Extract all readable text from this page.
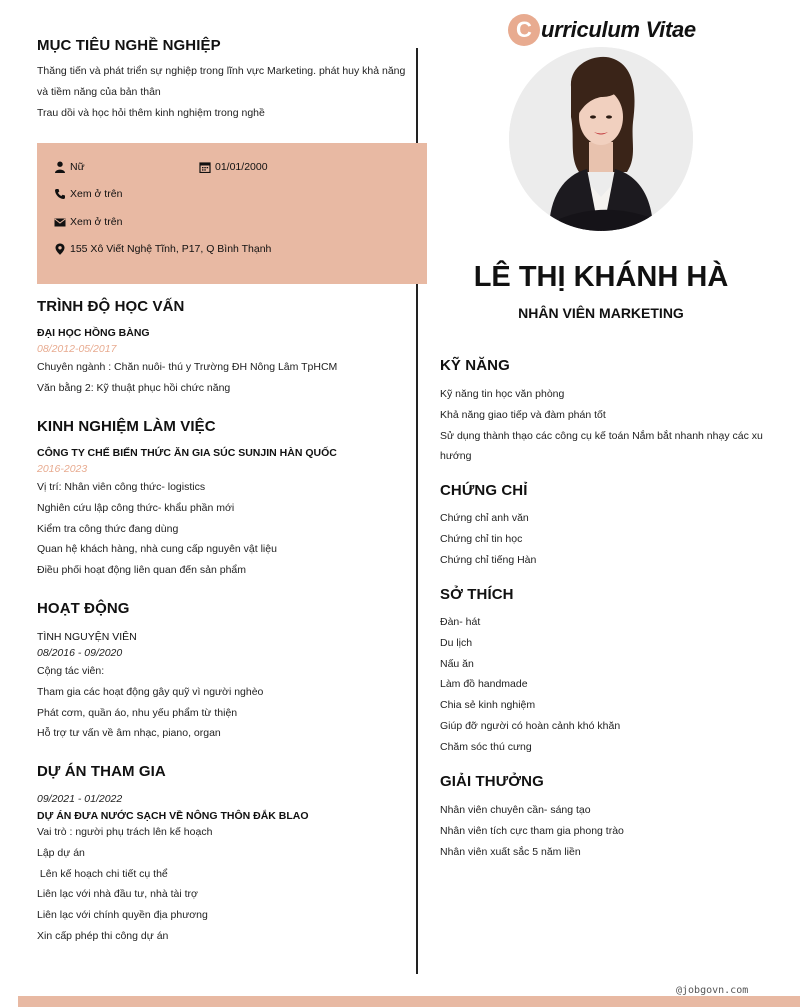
MỤC TIÊU NGHỀ NGHIỆP
Thăng tiến và phát triển sự nghiệp trong lĩnh vực Marketing. phát huy khả năng
và tiềm năng của bản thân
Trau dồi và học hỏi thêm kinh nghiệm trong nghề
Nữ	01/01/2000
Xem ở trên
Xem ở trên
155 Xô Viết Nghệ Tĩnh, P17, Q Bình Thạnh
TRÌNH ĐỘ HỌC VẤN
ĐẠI HỌC HỒNG BÀNG
08/2012-05/2017
Chuyên ngành : Chăn nuôi- thú y Trường ĐH Nông Lâm TpHCM
Văn bằng 2: Kỹ thuật phục hồi chức năng
KINH NGHIỆM LÀM VIỆC
CÔNG TY CHẾ BIẾN THỨC ĂN GIA SÚC SUNJIN HÀN QUỐC
2016-2023
Vị trí: Nhân viên công thức- logistics
Nghiên cứu lập công thức- khẩu phần mới
Kiểm tra công thức đang dùng
Quan hệ khách hàng, nhà cung cấp nguyên vật liệu
Điều phối hoạt động liên quan đến sản phẩm
HOẠT ĐỘNG
TÌNH NGUYỆN VIÊN
08/2016 - 09/2020
Cộng tác viên:
Tham gia các hoạt động gây quỹ vì người nghèo
Phát cơm, quần áo, nhu yếu phẩm từ thiện
Hỗ trợ tư vấn về âm nhạc, piano, organ
DỰ ÁN THAM GIA
09/2021 - 01/2022
DỰ ÁN ĐƯA NƯỚC SẠCH VỀ NÔNG THÔN ĐẮK BLAO
Vai trò : người phụ trách lên kế hoạch
Lập dự án
Lên kế hoạch chi tiết cụ thể
Liên lạc với nhà đầu tư, nhà tài trợ
Liên lạc với chính quyền địa phương
Xin cấp phép thi công dự án
C urriculum Vitae
LÊ THỊ KHÁNH HÀ
NHÂN VIÊN MARKETING
KỸ NĂNG
Kỹ năng tin học văn phòng
Khả năng giao tiếp và đàm phán tốt
Sử dụng thành thạo các công cụ kế toán Nắm bắt nhanh nhạy các xu
hướng
CHỨNG CHỈ
Chứng chỉ anh văn
Chứng chỉ tin học
Chứng chỉ tiếng Hàn
SỞ THÍCH
Đàn- hát
Du lịch
Nấu ăn
Làm đồ handmade
Chia sẻ kinh nghiệm
Giúp đỡ người có hoàn cảnh khó khăn
Chăm sóc thú cưng
GIẢI THƯỞNG
Nhân viên chuyên cần- sáng tạo
Nhân viên tích cực tham gia phong trào
Nhân viên xuất sắc 5 năm liền
@jobgovn.com
